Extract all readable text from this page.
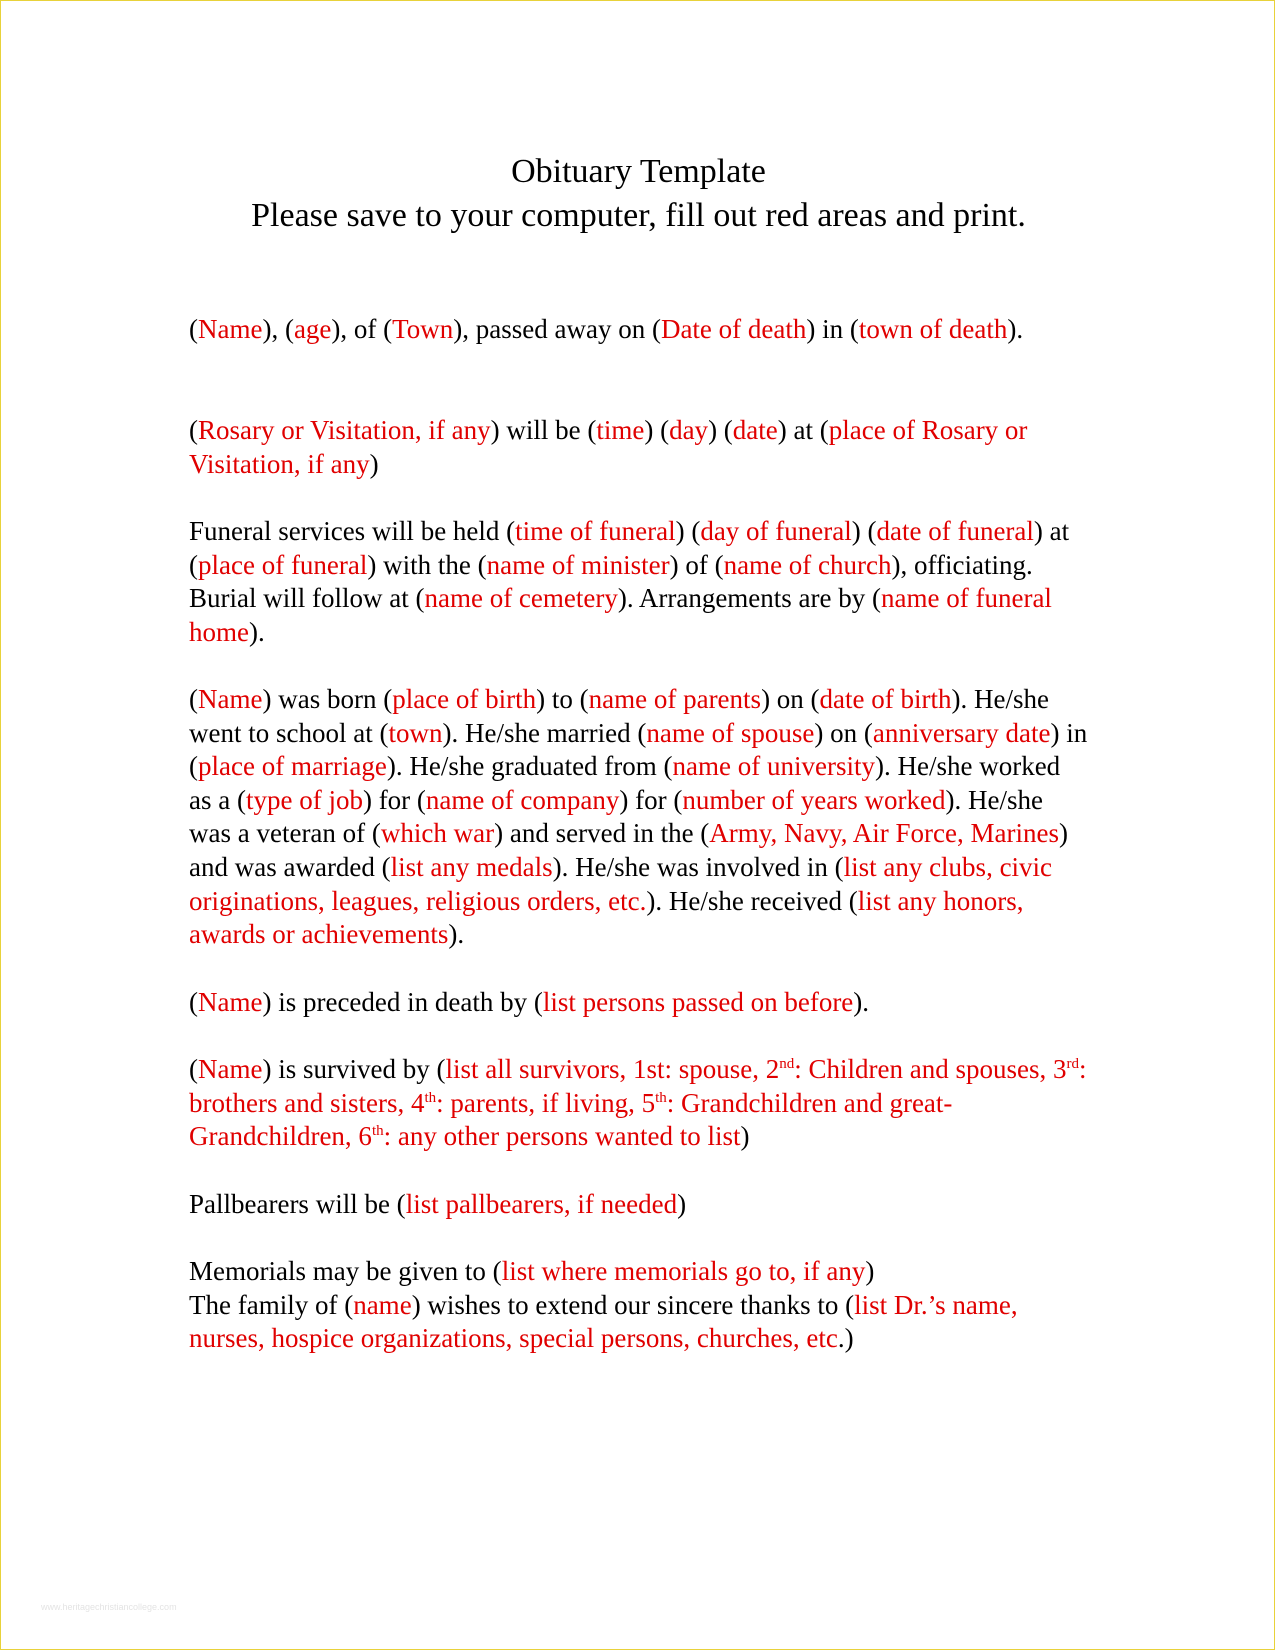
Obituary Template
Please save to your computer, fill out red areas and print.

(Name), (age), of (Town), passed away on (Date of death) in (town of death).

(Rosary or Visitation, if any) will be (time) (day) (date) at (place of Rosary or Visitation, if any)

Funeral services will be held (time of funeral) (day of funeral) (date of funeral) at (place of funeral) with the (name of minister) of (name of church), officiating. Burial will follow at (name of cemetery). Arrangements are by (name of funeral home).

(Name) was born (place of birth) to (name of parents) on (date of birth). He/she went to school at (town). He/she married (name of spouse) on (anniversary date) in (place of marriage). He/she graduated from (name of university). He/she worked as a (type of job) for (name of company) for (number of years worked). He/she was a veteran of (which war) and served in the (Army, Navy, Air Force, Marines) and was awarded (list any medals). He/she was involved in (list any clubs, civic originations, leagues, religious orders, etc.). He/she received (list any honors, awards or achievements).

(Name) is preceded in death by (list persons passed on before).

(Name) is survived by (list all survivors, 1st: spouse, 2nd: Children and spouses, 3rd: brothers and sisters, 4th: parents, if living, 5th: Grandchildren and great-Grandchildren, 6th: any other persons wanted to list)

Pallbearers will be (list pallbearers, if needed)

Memorials may be given to (list where memorials go to, if any)

The family of (name) wishes to extend our sincere thanks to (list Dr.’s name, nurses, hospice organizations, special persons, churches, etc.)

www.heritagechristiancollege.com
